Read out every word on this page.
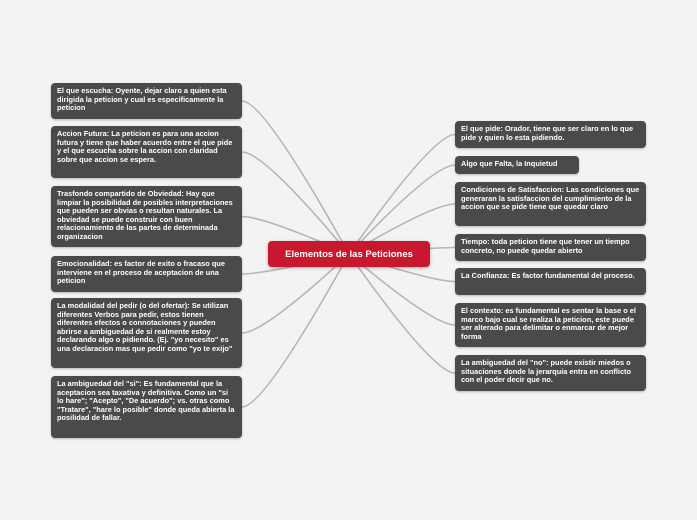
Elementos de las Peticiones
El que escucha: Oyente, dejar claro a quien esta dirigida la peticion y cual es especificamente la peticion
Accion Futura: La peticion es para una accion futura y tiene que haber acuerdo entre el que pide y el que escucha sobre la accion con claridad sobre que accion se espera.
Trasfondo compartido de Obviedad: Hay que limpiar la posibilidad de posibles interpretaciones que pueden ser obvias o resultan naturales. La obviedad se puede construir con buen relacionamiento de las partes de determinada organizacion
Emocionalidad: es factor de exito o fracaso que interviene en el proceso de aceptacion de una peticion
La modalidad del pedir (o del ofertar): Se utilizan diferentes Verbos para pedir, estos tienen diferentes efectos o connotaciones y pueden abrirse a ambiguedad de si realmente estoy declarando algo o pidiendo. (Ej. "yo necesito" es una declaracion mas que pedir como "yo te exijo"
La ambiguedad del "si": Es fundamental que la aceptacion sea taxativa y definitiva. Como un "si lo hare"; "Acepto", "De acuerdo"; vs. otras como "Tratare", "hare lo posible" donde queda abierta la posilidad de fallar.
El que pide: Orador, tiene que ser claro en lo que pide y quien lo esta pidiendo.
Algo que Falta, la Inquietud
Condiciones de Satisfaccion: Las condiciones que generaran la satisfaccion del cumplimiento de la accion que se pide tiene que quedar claro
Tiempo: toda peticion tiene que tener un tiempo concreto, no puede quedar abierto
La Confianza: Es factor fundamental del proceso.
El contexto: es fundamental es sentar la base o el marco bajo cual se realiza la peticion, este puede ser alterado para delimitar o enmarcar de mejor forma
La ambiguedad del "no": puede existir miedos o situaciones donde la jerarquia entra en conflicto con el poder decir que no.
